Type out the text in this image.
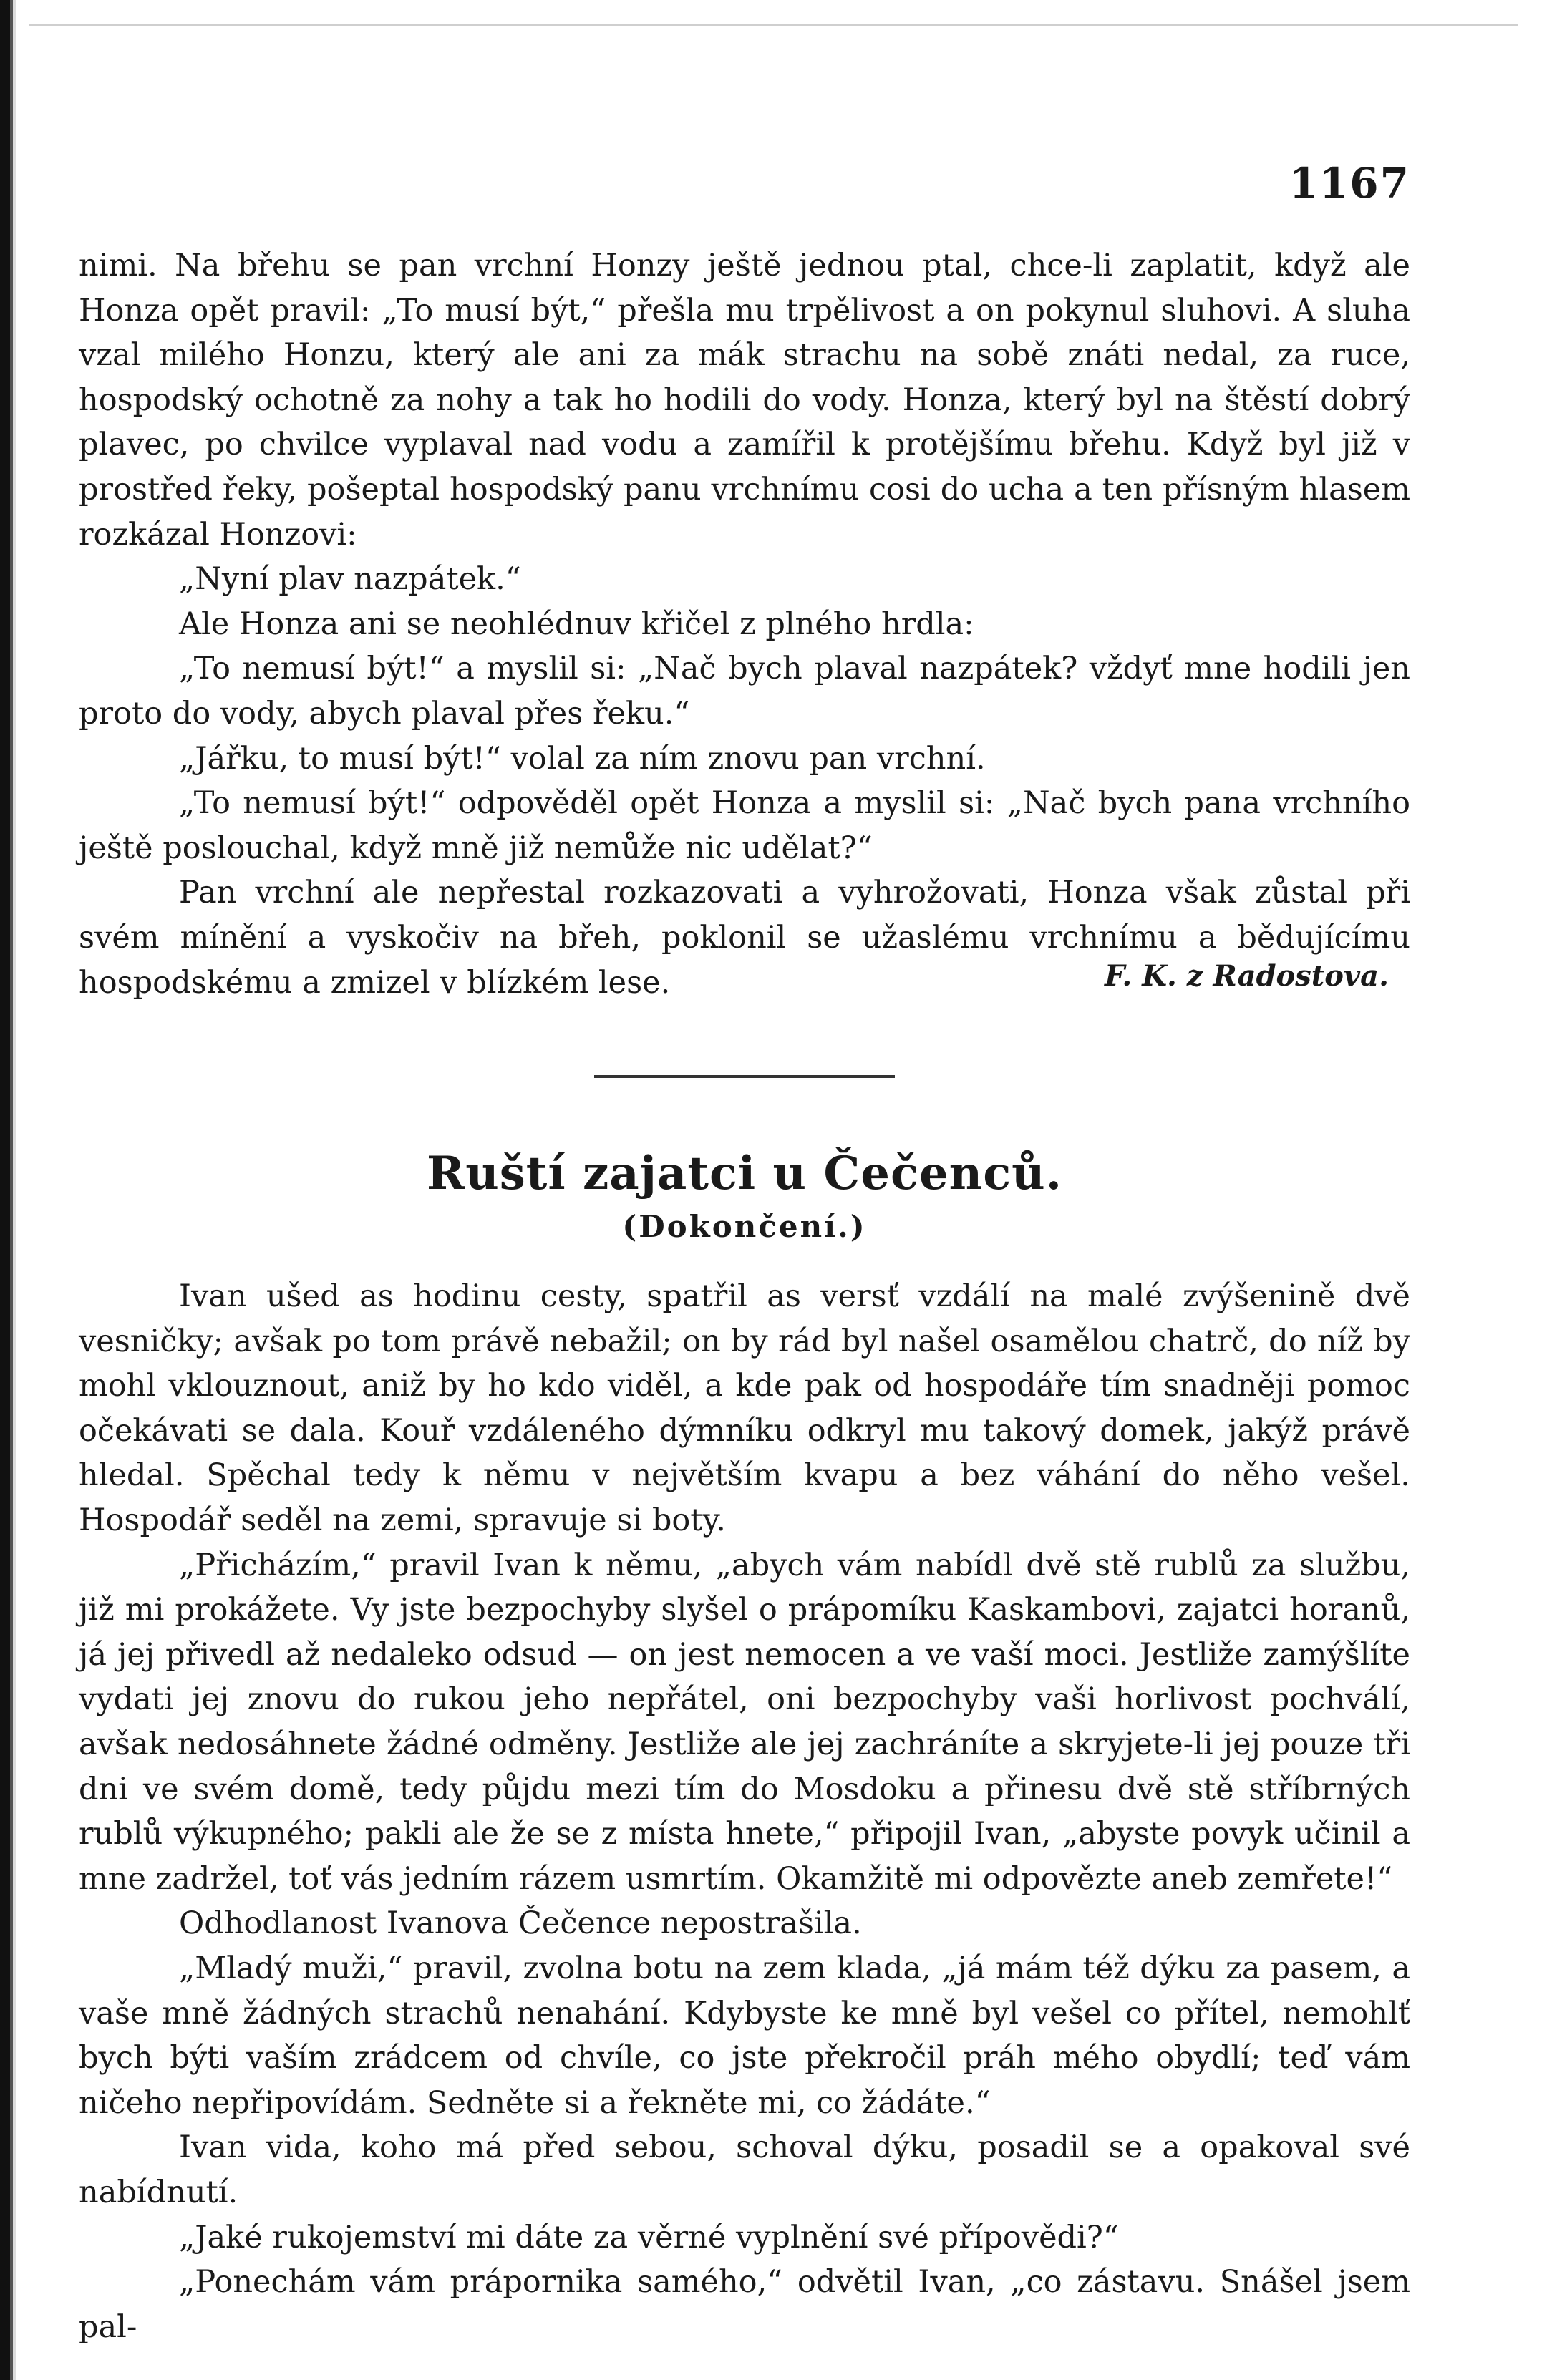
1167

nimi. Na břehu se pan vrchní Honzy ještě jednou ptal, chce-li zaplatit, když ale Honza opět pravil: „To musí být,“ přešla mu trpělivost a on pokynul sluhovi. A sluha vzal milého Honzu, který ale ani za mák strachu na sobě znáti nedal, za ruce, hospodský ochotně za nohy a tak ho hodili do vody. Honza, který byl na štěstí dobrý plavec, po chvilce vyplaval nad vodu a zamířil k protějšímu břehu. Když byl již v prostřed řeky, pošeptal hospodský panu vrchnímu cosi do ucha a ten přísným hlasem rozkázal Honzovi:

„Nyní plav nazpátek.“

Ale Honza ani se neohlédnuv křičel z plného hrdla:

„To nemusí být!“ a myslil si: „Nač bych plaval nazpátek? vždyť mne hodili jen proto do vody, abych plaval přes řeku.“

„Jářku, to musí být!“ volal za ním znovu pan vrchní.

„To nemusí být!“ odpověděl opět Honza a myslil si: „Nač bych pana vrchního ještě poslouchal, když mně již nemůže nic udělat?“

Pan vrchní ale nepřestal rozkazovati a vyhrožovati, Honza však zůstal při svém mínění a vyskočiv na břeh, poklonil se užaslému vrchnímu a bědujícímu hospodskému a zmizel v blízkém lese.	F. K. z Radostova.
Ruští zajatci u Čečenců.
(Dokončení.)

Ivan ušed as hodinu cesty, spatřil as versť vzdálí na malé zvýšenině dvě vesničky; avšak po tom právě nebažil; on by rád byl našel osamělou chatrč, do níž by mohl vklouznout, aniž by ho kdo viděl, a kde pak od hospodáře tím snadněji pomoc očekávati se dala. Kouř vzdáleného dýmníku odkryl mu takový domek, jakýž právě hledal. Spěchal tedy k němu v největším kvapu a bez váhání do něho vešel. Hospodář seděl na zemi, spravuje si boty.

„Přicházím,“ pravil Ivan k němu, „abych vám nabídl dvě stě rublů za službu, již mi prokážete. Vy jste bezpochyby slyšel o prápomíku Kaskambovi, zajatci horanů, já jej přivedl až nedaleko odsud — on jest nemocen a ve vaší moci. Jestliže zamýšlíte vydati jej znovu do rukou jeho nepřátel, oni bezpochyby vaši horlivost pochválí, avšak nedosáhnete žádné odměny. Jestliže ale jej zachráníte a skryjete-li jej pouze tři dni ve svém domě, tedy půjdu mezi tím do Mosdoku a přinesu dvě stě stříbrných rublů výkupného; pakli ale že se z místa hnete,“ připojil Ivan, „abyste povyk učinil a mne zadržel, toť vás jedním rázem usmrtím. Okamžitě mi odpovězte aneb zemřete!“

Odhodlanost Ivanova Čečence nepostrašila.

„Mladý muži,“ pravil, zvolna botu na zem klada, „já mám též dýku za pasem, a vaše mně žádných strachů nenahání. Kdybyste ke mně byl vešel co přítel, nemohlť bych býti vaším zrádcem od chvíle, co jste překročil práh mého obydlí; teď vám ničeho nepřipovídám. Sedněte si a řekněte mi, co žádáte.“

Ivan vida, koho má před sebou, schoval dýku, posadil se a opakoval své nabídnutí.

„Jaké rukojemství mi dáte za věrné vyplnění své přípovědi?“

„Ponechám vám prápornika samého,“ odvětil Ivan, „co zástavu. Snášel jsem pal-
